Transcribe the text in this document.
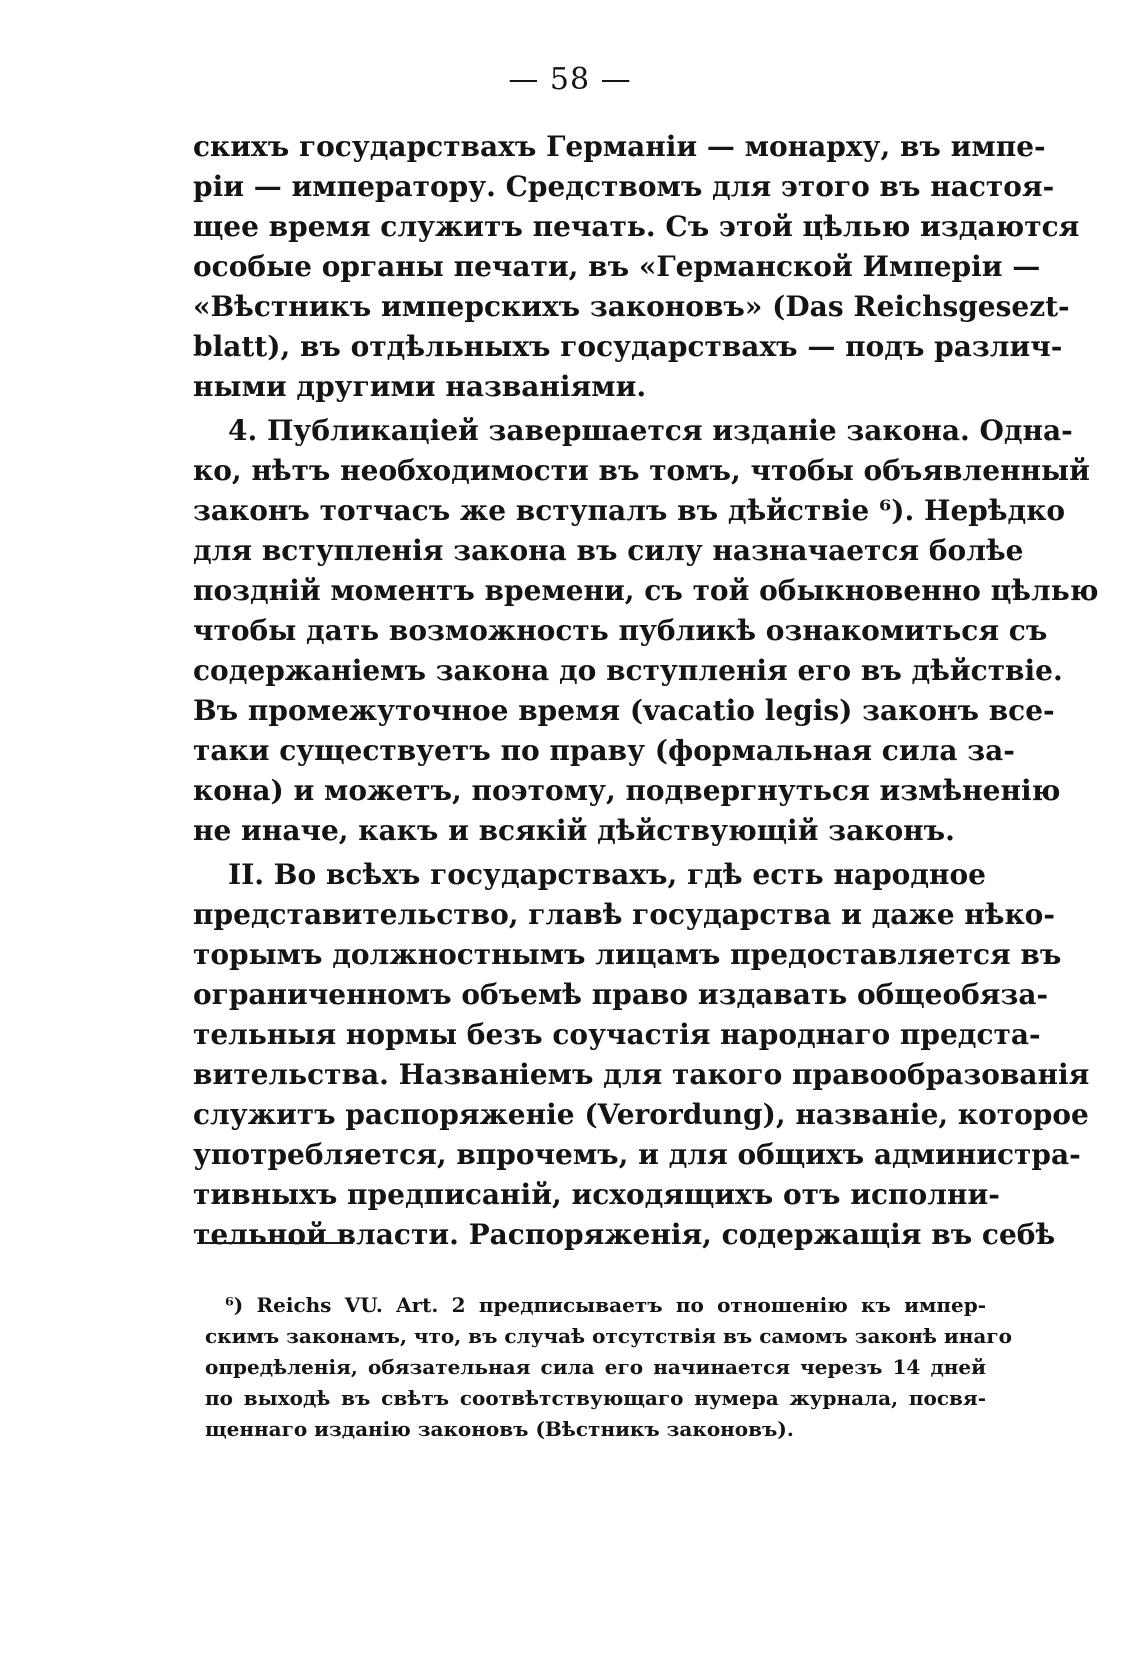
— 58 —
скихъ государствахъ Германiи — монарху, въ импе-
рiи — императору. Средствомъ для этого въ настоя-
щее время служитъ печать. Съ этой цѣлью издаются
особые органы печати, въ «Германской Имперiи —
«Вѣстникъ имперскихъ законовъ» (Das Reichsgesezt-
blatt), въ отдѣльныхъ государствахъ — подъ различ-
ными другими названiями.
4. Публикацiей завершается изданiе закона. Одна-
ко, нѣтъ необходимости въ томъ, чтобы объявленный
законъ тотчасъ же вступалъ въ дѣйствiе ⁶). Нерѣдко
для вступленiя закона въ силу назначается болѣе
позднiй моментъ времени, съ той обыкновенно цѣлью
чтобы дать возможность публикѣ ознакомиться съ
содержанiемъ закона до вступленiя его въ дѣйствiе.
Въ промежуточное время (vacatio legis) законъ все-
таки существуетъ по праву (формальная сила за-
кона) и можетъ, поэтому, подвергнуться измѣненiю
не иначе, какъ и всякiй дѣйствующiй законъ.
II. Во всѣхъ государствахъ, гдѣ есть народное
представительство, главѣ государства и даже нѣко-
торымъ должностнымъ лицамъ предоставляется въ
ограниченномъ объемѣ право издавать общеобяза-
тельныя нормы безъ соучастiя народнаго предста-
вительства. Названiемъ для такого правообразованiя
служитъ распоряженiе (Verordung), названiе, которое
употребляется, впрочемъ, и для общихъ администра-
тивныхъ предписанiй, исходящихъ отъ исполни-
тельной власти. Распоряженiя, содержащiя въ себѣ
⁶) Reichs VU. Art. 2 предписываетъ по отношенiю къ импер-
скимъ законамъ, что, въ случаѣ отсутствiя въ самомъ законѣ инаго
опредѣленiя, обязательная сила его начинается черезъ 14 дней
по выходѣ въ свѣтъ соотвѣтствующаго нумера журнала, посвя-
щеннаго изданiю законовъ (Вѣстникъ законовъ).
